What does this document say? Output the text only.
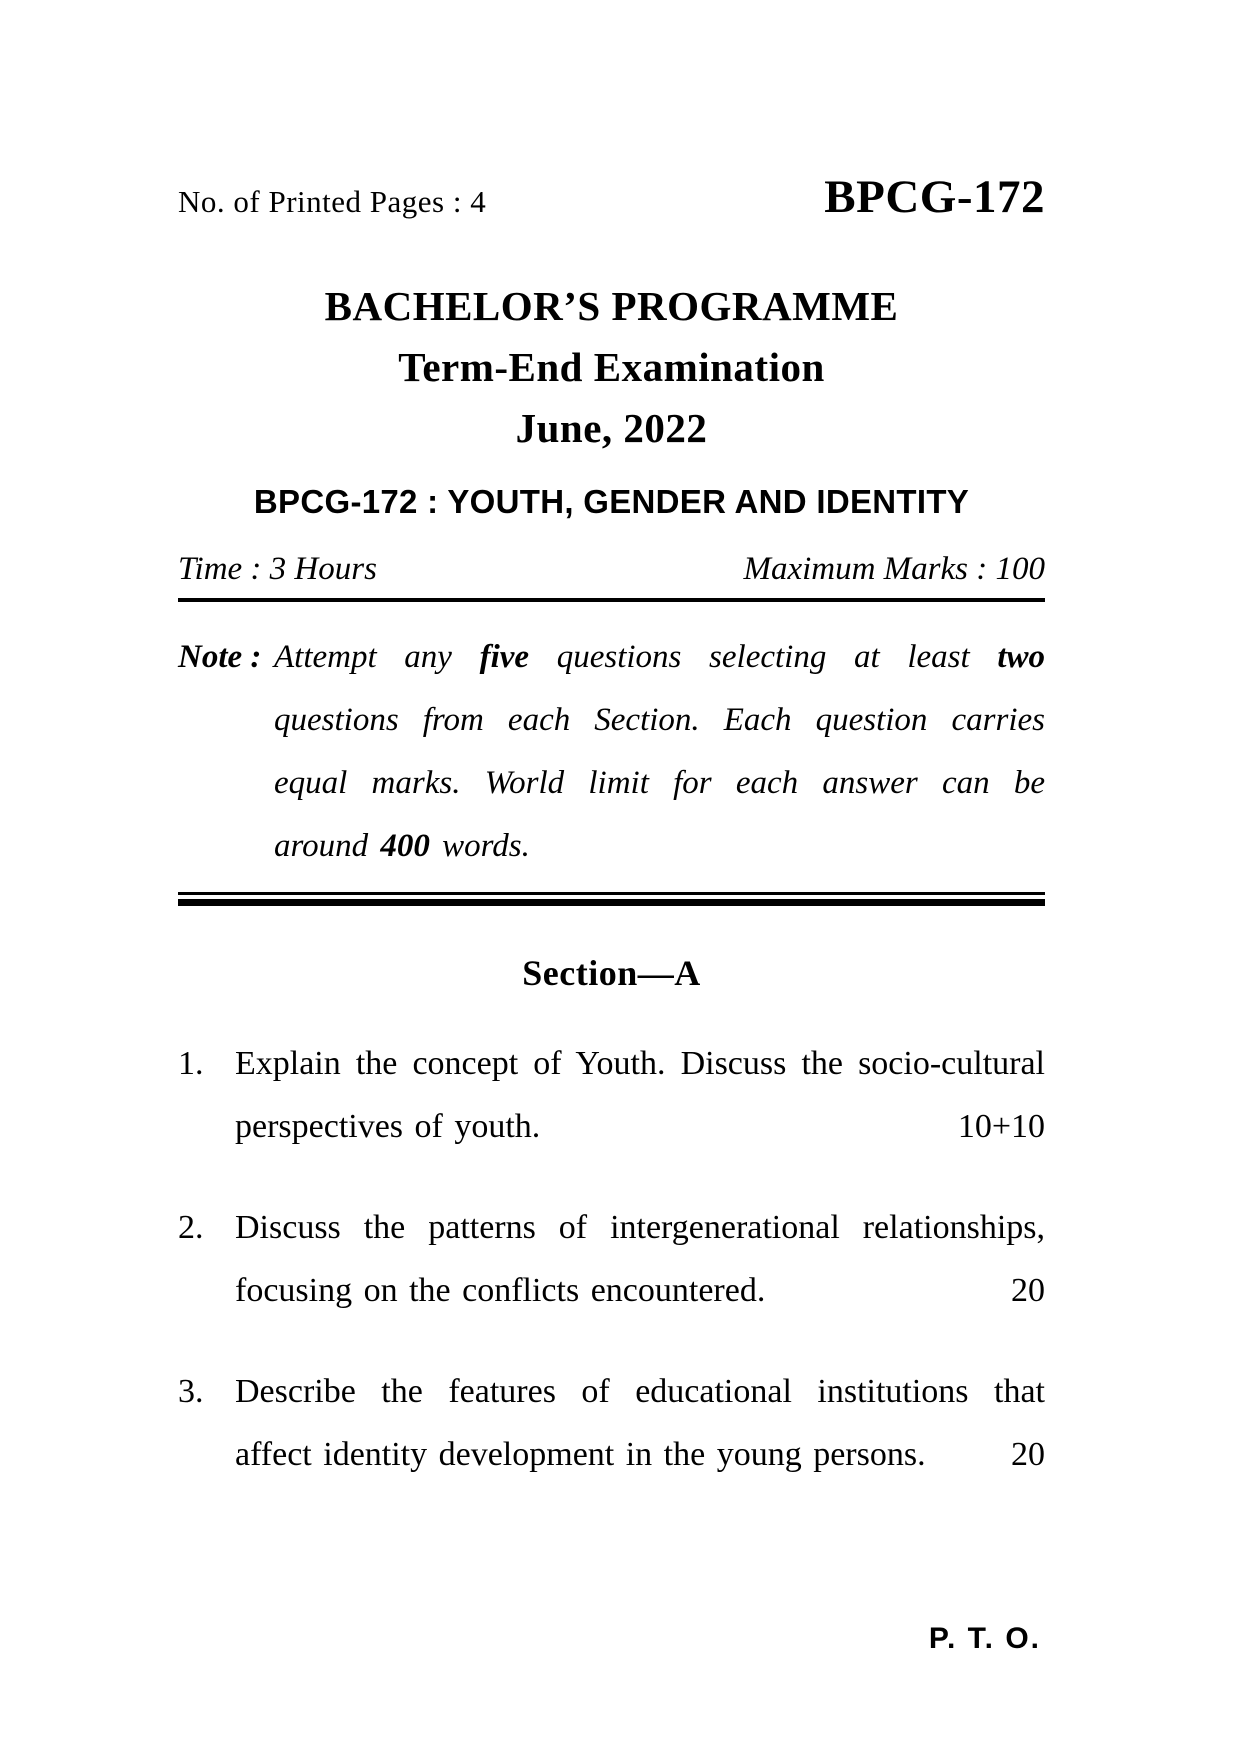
No. of Printed Pages : 4	BPCG-172
BACHELOR’S PROGRAMME
Term-End Examination
June, 2022
BPCG-172 : YOUTH, GENDER AND IDENTITY
Time : 3 Hours	Maximum Marks : 100
Note : Attempt any five questions selecting at least two questions from each Section. Each question carries equal marks. World limit for each answer can be around 400 words.
Section—A
1. Explain the concept of Youth. Discuss the socio-cultural perspectives of youth.	10+10
2. Discuss the patterns of intergenerational relationships, focusing on the conflicts encountered.	20
3. Describe the features of educational institutions that affect identity development in the young persons.	20
P. T. O.
